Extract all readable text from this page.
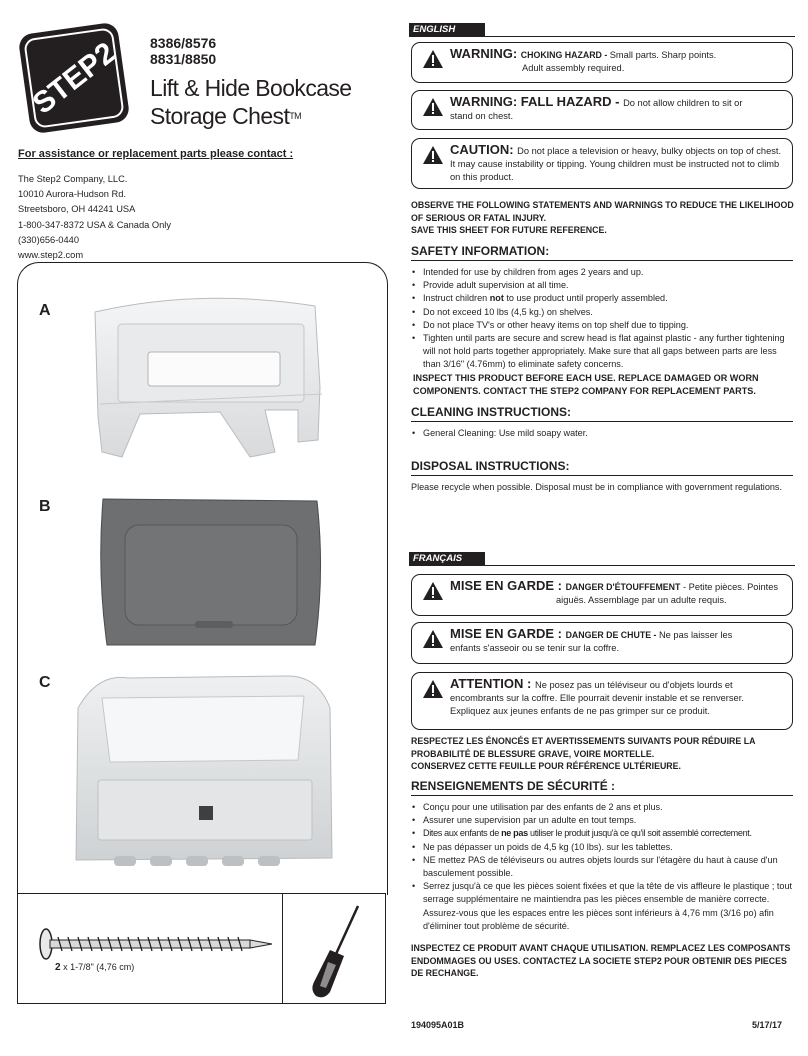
STEP2 8386/8576
8831/8850
Lift & Hide Bookcase
Storage Chest™
For assistance or replacement parts please contact :
The Step2 Company, LLC.
10010 Aurora-Hudson Rd.
Streetsboro, OH 44241 USA
1-800-347-8372 USA & Canada Only
(330)656-0440
www.step2.com
A
B
C
2 x 1-7/8" (4,76 cm)
ENGLISH
WARNING: CHOKING HAZARD - Small parts. Sharp points.
Adult assembly required.
WARNING: FALL HAZARD - Do not allow children to sit or
stand on chest.
CAUTION: Do not place a television or heavy, bulky objects on top of chest. It may cause instability or tipping. Young children must be instructed not to climb on this product.
OBSERVE THE FOLLOWING STATEMENTS AND WARNINGS TO REDUCE THE LIKELIHOOD OF SERIOUS OR FATAL INJURY.
SAVE THIS SHEET FOR FUTURE REFERENCE.
SAFETY INFORMATION:
• Intended for use by children from ages 2 years and up.
• Provide adult supervision at all time.
• Instruct children not to use product until properly assembled.
• Do not exceed 10 lbs (4,5 kg.) on shelves.
• Do not place TV's or other heavy items on top shelf due to tipping.
• Tighten until parts are secure and screw head is flat against plastic - any further tightening will not hold parts together appropriately. Make sure that all gaps between parts are less than 3/16" (4.76mm) to eliminate safety concerns.
INSPECT THIS PRODUCT BEFORE EACH USE. REPLACE DAMAGED OR WORN COMPONENTS. CONTACT THE STEP2 COMPANY FOR REPLACEMENT PARTS.
CLEANING INSTRUCTIONS:
• General Cleaning: Use mild soapy water.
DISPOSAL INSTRUCTIONS:
Please recycle when possible. Disposal must be in compliance with government regulations.
FRANÇAIS
MISE EN GARDE : DANGER D'ÉTOUFFEMENT - Petite pièces. Pointes
aiguës. Assemblage par un adulte requis.
MISE EN GARDE : DANGER DE CHUTE - Ne pas laisser les
enfants s'asseoir ou se tenir sur la coffre.
ATTENTION : Ne posez pas un téléviseur ou d'objets lourds et encombrants sur la coffre. Elle pourrait devenir instable et se renverser. Expliquez aux jeunes enfants de ne pas grimper sur ce produit.
RESPECTEZ LES ÉNONCÉS ET AVERTISSEMENTS SUIVANTS POUR RÉDUIRE LA PROBABILITÉ DE BLESSURE GRAVE, VOIRE MORTELLE.
CONSERVEZ CETTE FEUILLE POUR RÉFÉRENCE ULTÉRIEURE.
RENSEIGNEMENTS DE SÉCURITÉ :
• Conçu pour une utilisation par des enfants de 2 ans et plus.
• Assurer une supervision par un adulte en tout temps.
• Dites aux enfants de ne pas utiliser le produit jusqu'à ce qu'il soit assemblé correctement.
• Ne pas dépasser un poids de 4,5 kg (10 lbs). sur les tablettes.
• NE mettez PAS de téléviseurs ou autres objets lourds sur l'étagère du haut à cause d'un basculement possible.
• Serrez jusqu'à ce que les pièces soient fixées et que la tête de vis affleure le plastique ; tout serrage supplémentaire ne maintiendra pas les pièces ensemble de manière correcte. Assurez-vous que les espaces entre les pièces sont inférieurs à 4,76 mm (3/16 po) afin d'éliminer tout problème de sécurité.
INSPECTEZ CE PRODUIT AVANT CHAQUE UTILISATION. REMPLACEZ LES COMPOSANTS ENDOMMAGES OU USES. CONTACTEZ LA SOCIETE STEP2 POUR OBTENIR DES PIECES DE RECHANGE.
194095A01B	5/17/17
